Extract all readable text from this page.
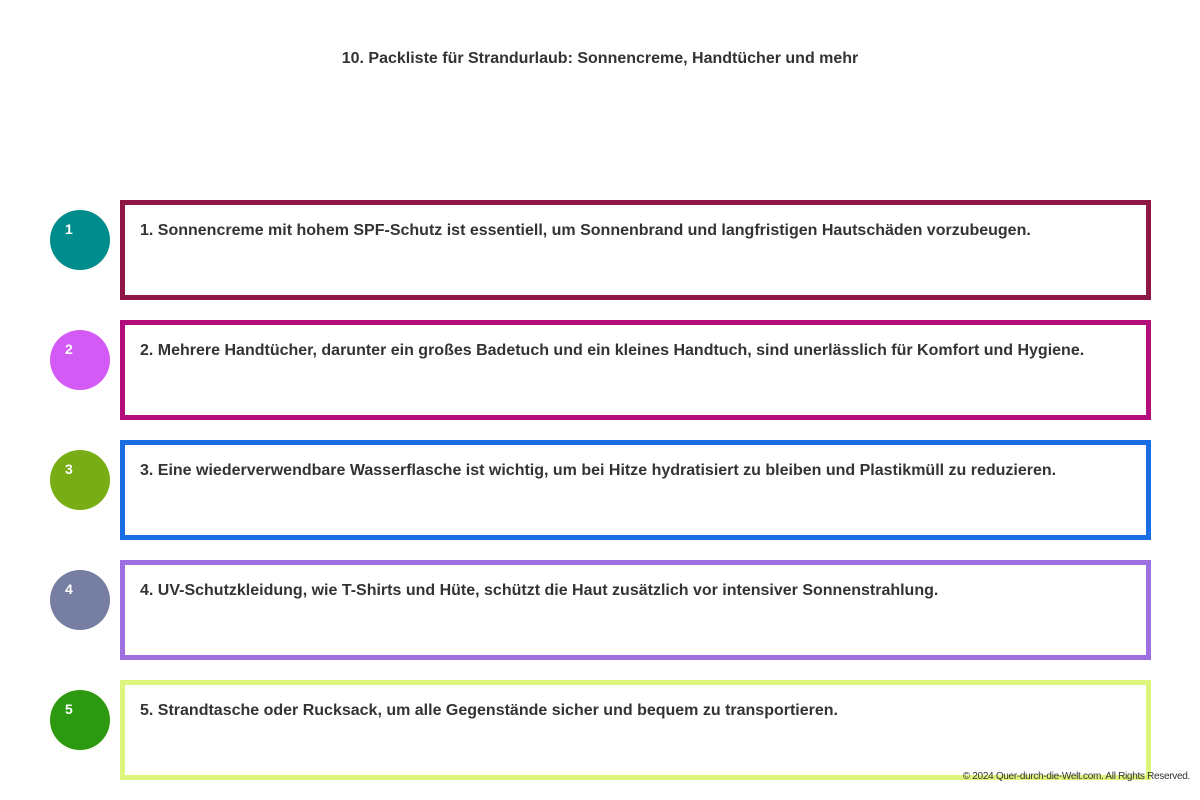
10. Packliste für Strandurlaub: Sonnencreme, Handtücher und mehr
1	1. Sonnencreme mit hohem SPF-Schutz ist essentiell, um Sonnenbrand und langfristigen Hautschäden vorzubeugen.
2	2. Mehrere Handtücher, darunter ein großes Badetuch und ein kleines Handtuch, sind unerlässlich für Komfort und Hygiene.
3	3. Eine wiederverwendbare Wasserflasche ist wichtig, um bei Hitze hydratisiert zu bleiben und Plastikmüll zu reduzieren.
4	4. UV-Schutzkleidung, wie T-Shirts und Hüte, schützt die Haut zusätzlich vor intensiver Sonnenstrahlung.
5	5. Strandtasche oder Rucksack, um alle Gegenstände sicher und bequem zu transportieren.
© 2024 Quer-durch-die-Welt.com. All Rights Reserved.
